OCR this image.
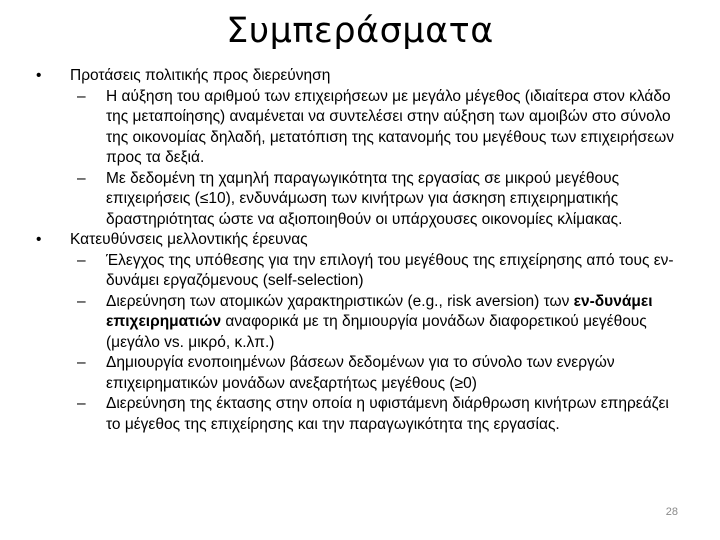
Συμπεράσματα
•	Προτάσεις πολιτικής προς διερεύνηση
–	Η αύξηση του αριθμού των επιχειρήσεων με μεγάλο μέγεθος (ιδιαίτερα στον κλάδο της μεταποίησης) αναμένεται να συντελέσει στην αύξηση των αμοιβών στο σύνολο της οικονομίας δηλαδή, μετατόπιση της κατανομής του μεγέθους των επιχειρήσεων προς τα δεξιά.
–	Με δεδομένη τη χαμηλή παραγωγικότητα της εργασίας σε μικρού μεγέθους επιχειρήσεις (≤10), ενδυνάμωση των κινήτρων για άσκηση επιχειρηματικής δραστηριότητας ώστε να αξιοποιηθούν οι υπάρχουσες οικονομίες κλίμακας.
•	Κατευθύνσεις μελλοντικής έρευνας
–	Έλεγχος της υπόθεσης για την επιλογή του μεγέθους της επιχείρησης από τους εν-δυνάμει εργαζόμενους (self-selection)
–	Διερεύνηση των ατομικών χαρακτηριστικών (e.g., risk aversion) των εν-δυνάμει επιχειρηματιών αναφορικά με τη δημιουργία μονάδων διαφορετικού μεγέθους (μεγάλο vs. μικρό, κ.λπ.)
–	Δημιουργία ενοποιημένων βάσεων δεδομένων για το σύνολο των ενεργών επιχειρηματικών μονάδων ανεξαρτήτως μεγέθους (≥0)
–	Διερεύνηση της έκτασης στην οποία η υφιστάμενη διάρθρωση κινήτρων επηρεάζει το μέγεθος της επιχείρησης και την παραγωγικότητα της εργασίας.
28
